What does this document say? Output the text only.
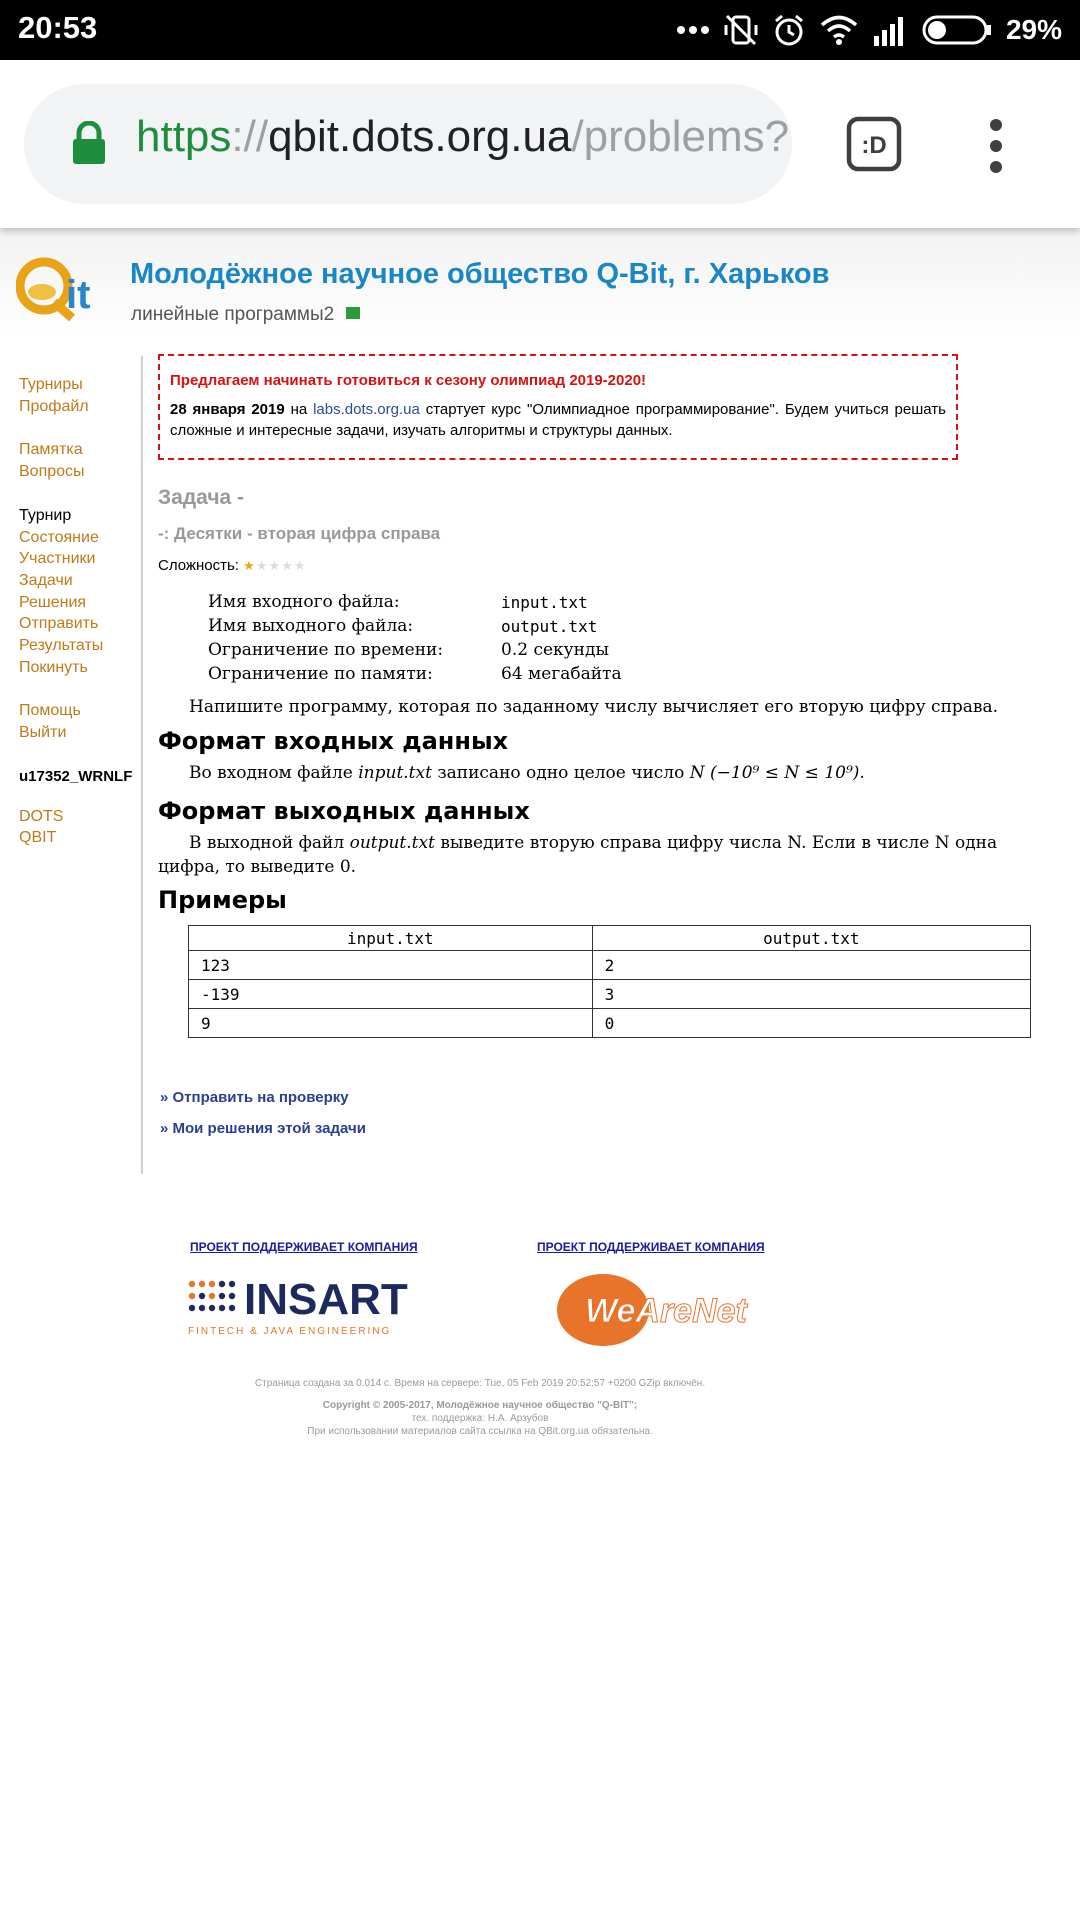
20:53	29%
https://qbit.dots.org.ua/problems?	:D
it Молодёжное научное общество Q-Bit, г. Харьков
линейные программы2
Турниры
Профайл
Памятка
Вопросы
Турнир
Состояние
Участники
Задачи
Решения
Отправить
Результаты
Покинуть
Помощь
Выйти
u17352_WRNLF
DOTS
QBIT
Предлагаем начинать готовиться к сезону олимпиад 2019-2020!
28 января 2019 на labs.dots.org.ua стартует курс "Олимпиадное программирование". Будем учиться решать сложные и интересные задачи, изучать алгоритмы и структуры данных.
Задача -
-: Десятки - вторая цифра справа
Сложность: ★ ★ ★ ★ ★
Имя входного файла:	input.txt
Имя выходного файла:	output.txt
Ограничение по времени:	0.2 секунды
Ограничение по памяти:	64 мегабайта
Напишите программу, которая по заданному числу вычисляет его вторую цифру справа.
Формат входных данных
Во входном файле input.txt записано одно целое число N (−10⁹ ≤ N ≤ 10⁹).
Формат выходных данных
В выходной файл output.txt выведите вторую справа цифру числа N. Если в числе N одна
цифра, то выведите 0.
Примеры
input.txt	output.txt
123	2
-139	3
9	0
» Отправить на проверку
» Мои решения этой задачи
ПРОЕКТ ПОДДЕРЖИВАЕТ КОМПАНИЯ	ПРОЕКТ ПОДДЕРЖИВАЕТ КОМПАНИЯ
INSART
FINTECH & JAVA ENGINEERING
WeAreNet
Страница создана за 0.014 с. Время на сервере: Tue, 05 Feb 2019 20:52:57 +0200 GZip включён.
Copyright © 2005-2017, Молодёжное научное общество "Q-BIT";
тех. поддержка: Н.А. Арзубов
При использовании материалов сайта ссылка на QBit.org.ua обязательна.
